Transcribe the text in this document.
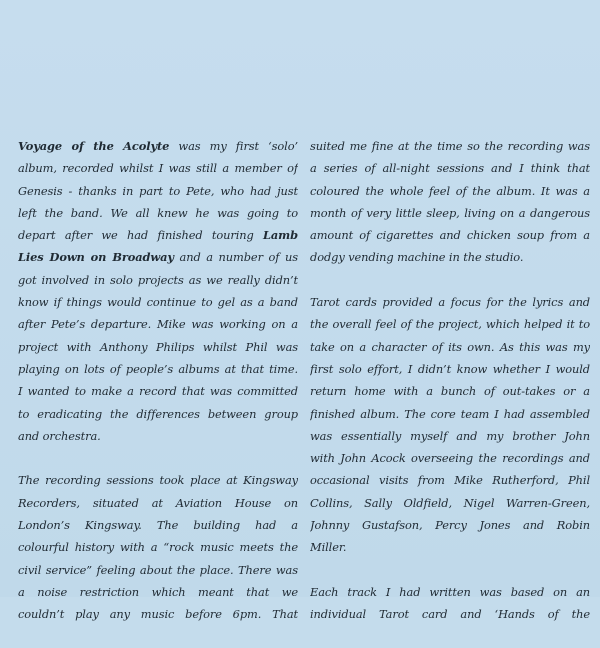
Voyage of the Acolyte was my first ‘solo’
album, recorded whilst I was still a member of
Genesis - thanks in part to Pete, who had just
left the band. We all knew he was going to
depart after we had finished touring Lamb
Lies Down on Broadway and a number of us
got involved in solo projects as we really didn’t
know if things would continue to gel as a band
after Pete’s departure. Mike was working on a
project with Anthony Philips whilst Phil was
playing on lots of people’s albums at that time.
I wanted to make a record that was committed
to eradicating the differences between group
and orchestra.

The recording sessions took place at Kingsway
Recorders, situated at Aviation House on
London’s Kingsway. The building had a
colourful history with a “rock music meets the
civil service” feeling about the place. There was
a noise restriction which meant that we
couldn’t play any music before 6pm. That

suited me fine at the time so the recording was
a series of all-night sessions and I think that
coloured the whole feel of the album. It was a
month of very little sleep, living on a dangerous
amount of cigarettes and chicken soup from a
dodgy vending machine in the studio.

Tarot cards provided a focus for the lyrics and
the overall feel of the project, which helped it to
take on a character of its own. As this was my
first solo effort, I didn’t know whether I would
return home with a bunch of out-takes or a
finished album. The core team I had assembled
was essentially myself and my brother John
with John Acock overseeing the recordings and
occasional visits from Mike Rutherford, Phil
Collins, Sally Oldfield, Nigel Warren-Green,
Johnny Gustafson, Percy Jones and Robin
Miller.

Each track I had written was based on an
individual Tarot card and ‘Hands of the
